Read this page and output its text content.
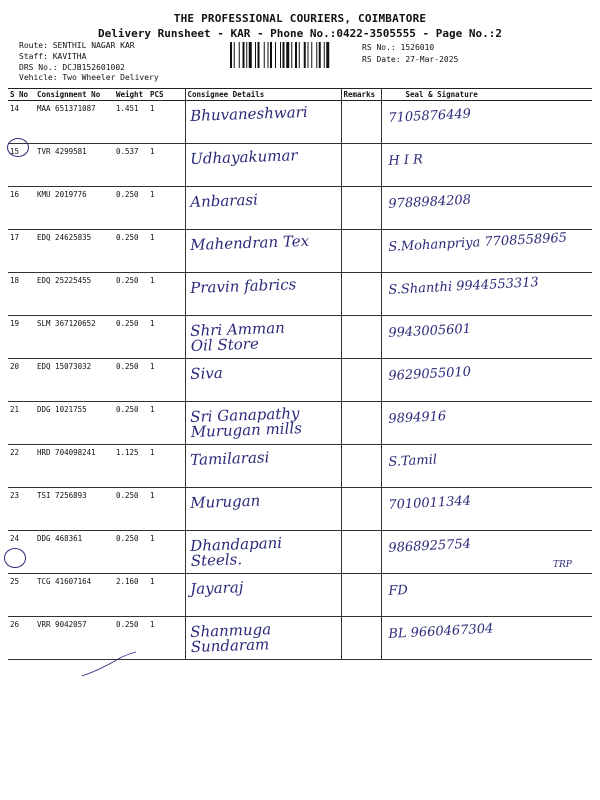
THE PROFESSIONAL COURIERS, COIMBATORE
Delivery Runsheet - KAR - Phone No.:0422-3505555 - Page No.:2
Route: SENTHIL NAGAR KAR
Staff: KAVITHA
DRS No.: DCJB152601002
Vehicle: Two Wheeler Delivery
RS No.: 1526010
RS Date: 27-Mar-2025
S No	Consignment No	Weight	PCS	Consignee Details	Remarks	Seal & Signature
14	MAA 651371087	1.451	1	Bhuvaneshwari		7105876449

15	TVR 4299581	0.537	1	Udhayakumar		H I R

16	KMU 2019776	0.250	1	Anbarasi		9788984208

17	EDQ 24625835	0.250	1	Mahendran Tex		S.Mohanpriya 7708558965

18	EDQ 25225455	0.250	1	Pravin fabrics		S.Shanthi 9944553313

19	SLM 367120652	0.250	1	Shri Amman
Oil Store		9943005601

20	EDQ 15073032	0.250	1	Siva		9629055010

21	DDG 1021755	0.250	1	Sri Ganapathy
Murugan mills		9894916

22	HRD 704098241	1.125	1	Tamilarasi		S.Tamil

23	TSI 7256893	0.250	1	Murugan		7010011344

24	DDG 468361	0.250	1	Dhandapani
Steels.		9868925754

25	TCG 41607164	2.160	1	Jayaraj		FD

26	VRR 9042057	0.250	1	Shanmuga Sundaram		BL 9660467304
TRP
